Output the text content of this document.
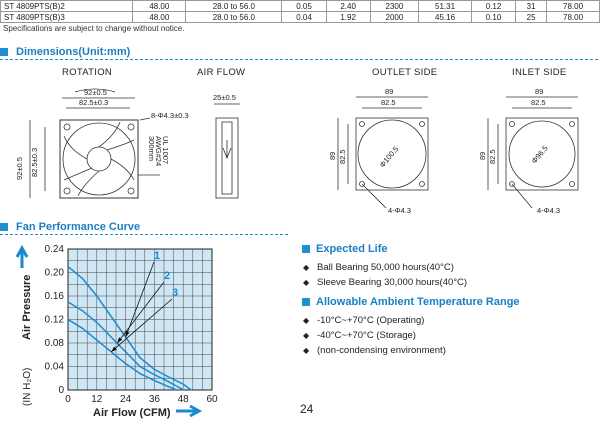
ST 4809PTS(B)2	48.00	28.0 to 56.0	0.05	2.40	2300	51.31	0.12	31	78.00
ST 4809PTS(B)3	48.00	28.0 to 56.0	0.04	1.92	2000	45.16	0.10	25	78.00
Specifications are subject to change without notice.
Dimensions(Unit:mm)
ROTATION	AIR FLOW	OUTLET SIDE	INLET SIDE
92±0.5
82.5±0.3
8-Φ4.3±0.3
92±0.5 82.5±0.3	UL 1007
AWG#24
300mm
25±0.5
89
82.5
89 82.5	Φ100.5
4-Φ4.3
89
82.5
89 82.5	Φ96.5
4-Φ4.3
Fan Performance Curve
0 12 24 36 48 60
0
0.04
0.08
0.12
0.16
0.20
0.24
Air Flow (CFM)
Air Pressure
(IN H₂O)
1
2
3
Expected Life
◆ Ball Bearing 50,000 hours(40°C)
◆ Sleeve Bearing 30,000 hours(40°C)
Allowable Ambient Temperature Range
◆ -10°C~+70°C (Operating)
◆ -40°C~+70°C (Storage)
◆ (non-condensing environment)
24
